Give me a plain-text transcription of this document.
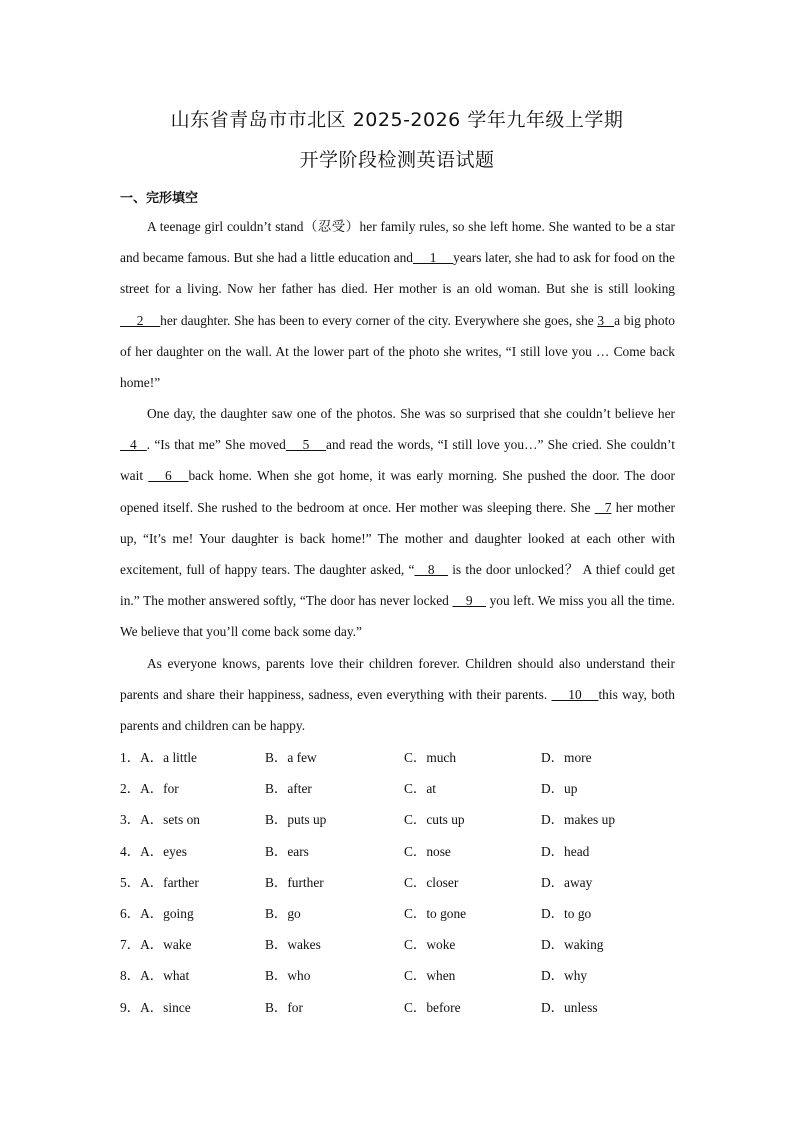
山东省青岛市市北区 2025-2026 学年九年级上学期
开学阶段检测英语试题
一、完形填空

A teenage girl couldn’t stand（忍受）her family rules, so she left home. She wanted to be a star and became famous. But she had a little education and     1     years later, she had to ask for food on the street for a living. Now her father has died. Her mother is an old woman. But she is still looking      2     her daughter. She has been to every corner of the city. Everywhere she goes, she 3   a big photo of her daughter on the wall. At the lower part of the photo she writes, “I still love you … Come back home!”

One day, the daughter saw one of the photos. She was so surprised that she couldn’t believe her    4   . “Is that me” She moved     5     and read the words, “I still love you…” She cried. She couldn’t wait      6     back home. When she got home, it was early morning. She pushed the door. The door opened itself. She rushed to the bedroom at once. Her mother was sleeping there. She    7 her mother up, “It’s me! Your daughter is back home!” The mother and daughter looked at each other with excitement, full of happy tears. The daughter asked, “    8     is the door unlocked？ A thief could get in.” The mother answered softly, “The door has never locked     9     you left. We miss you all the time. We believe that you’ll come back some day.”

As everyone knows, parents love their children forever. Children should also understand their parents and share their happiness, sadness, even everything with their parents.      10     this way, both parents and children can be happy.

1．A．a little	B．a few	C．much	D．more
2．A．for	B．after	C．at	D．up
3．A．sets on	B．puts up	C．cuts up	D．makes up
4．A．eyes	B．ears	C．nose	D．head
5．A．farther	B．further	C．closer	D．away
6．A．going	B．go	C．to gone	D．to go
7．A．wake	B．wakes	C．woke	D．waking
8．A．what	B．who	C．when	D．why
9．A．since	B．for	C．before	D．unless
